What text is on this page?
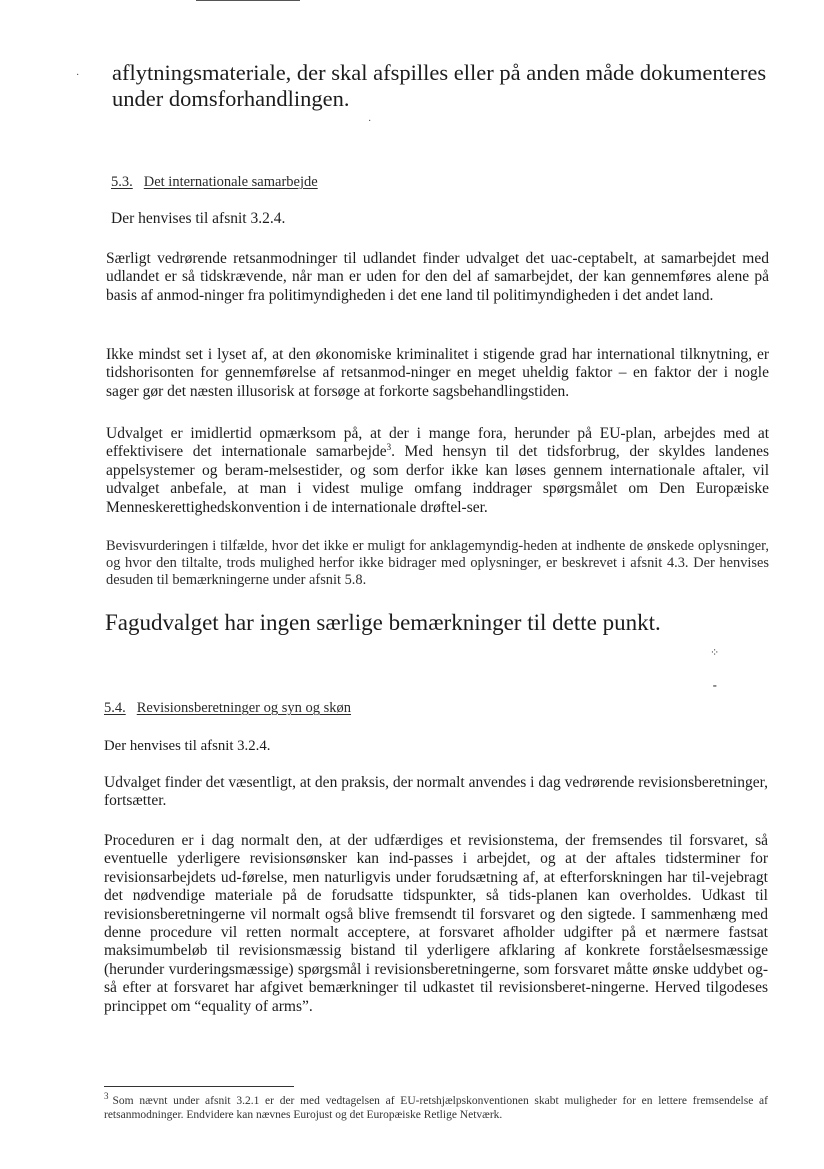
aflytningsmateriale, der skal afspilles eller på anden måde dokumenteres under domsforhandlingen.
·
·
⁘
⁃
5.3. Det internationale samarbejde
Der henvises til afsnit 3.2.4.
Særligt vedrørende retsanmodninger til udlandet finder udvalget det uac-ceptabelt, at samarbejdet med udlandet er så tidskrævende, når man er uden for den del af samarbejdet, der kan gennemføres alene på basis af anmod-ninger fra politimyndigheden i det ene land til politimyndigheden i det andet land.
Ikke mindst set i lyset af, at den økonomiske kriminalitet i stigende grad har international tilknytning, er tidshorisonten for gennemførelse af retsanmod-ninger en meget uheldig faktor – en faktor der i nogle sager gør det næsten illusorisk at forsøge at forkorte sagsbehandlingstiden.
Udvalget er imidlertid opmærksom på, at der i mange fora, herunder på EU-plan, arbejdes med at effektivisere det internationale samarbejde$^3$. Med hensyn til det tidsforbrug, der skyldes landenes appelsystemer og beram-melsestider, og som derfor ikke kan løses gennem internationale aftaler, vil udvalget anbefale, at man i videst mulige omfang inddrager spørgsmålet om Den Europæiske Menneskerettighedskonvention i de internationale drøftel-ser.
Bevisvurderingen i tilfælde, hvor det ikke er muligt for anklagemyndig-heden at indhente de ønskede oplysninger, og hvor den tiltalte, trods mulighed herfor ikke bidrager med oplysninger, er beskrevet i afsnit 4.3. Der henvises desuden til bemærkningerne under afsnit 5.8.
Fagudvalget har ingen særlige bemærkninger til dette punkt.
5.4. Revisionsberetninger og syn og skøn
Der henvises til afsnit 3.2.4.
Udvalget finder det væsentligt, at den praksis, der normalt anvendes i dag vedrørende revisionsberetninger, fortsætter.
Proceduren er i dag normalt den, at der udfærdiges et revisionstema, der fremsendes til forsvaret, så eventuelle yderligere revisionsønsker kan ind-passes i arbejdet, og at der aftales tidsterminer for revisionsarbejdets ud-førelse, men naturligvis under forudsætning af, at efterforskningen har til-vejebragt det nødvendige materiale på de forudsatte tidspunkter, så tids-planen kan overholdes. Udkast til revisionsberetningerne vil normalt også blive fremsendt til forsvaret og den sigtede. I sammenhæng med denne procedure vil retten normalt acceptere, at forsvaret afholder udgifter på et nærmere fastsat maksimumbeløb til revisionsmæssig bistand til yderligere afklaring af konkrete forståelsesmæssige (herunder vurderingsmæssige) spørgsmål i revisionsberetningerne, som forsvaret måtte ønske uddybet og-så efter at forsvaret har afgivet bemærkninger til udkastet til revisionsberet-ningerne. Herved tilgodeses princippet om “equality of arms”.
$^3$ Som nævnt under afsnit 3.2.1 er der med vedtagelsen af EU-retshjælpskonventionen skabt muligheder for en lettere fremsendelse af retsanmodninger. Endvidere kan nævnes Eurojust og det Europæiske Retlige Netværk.
